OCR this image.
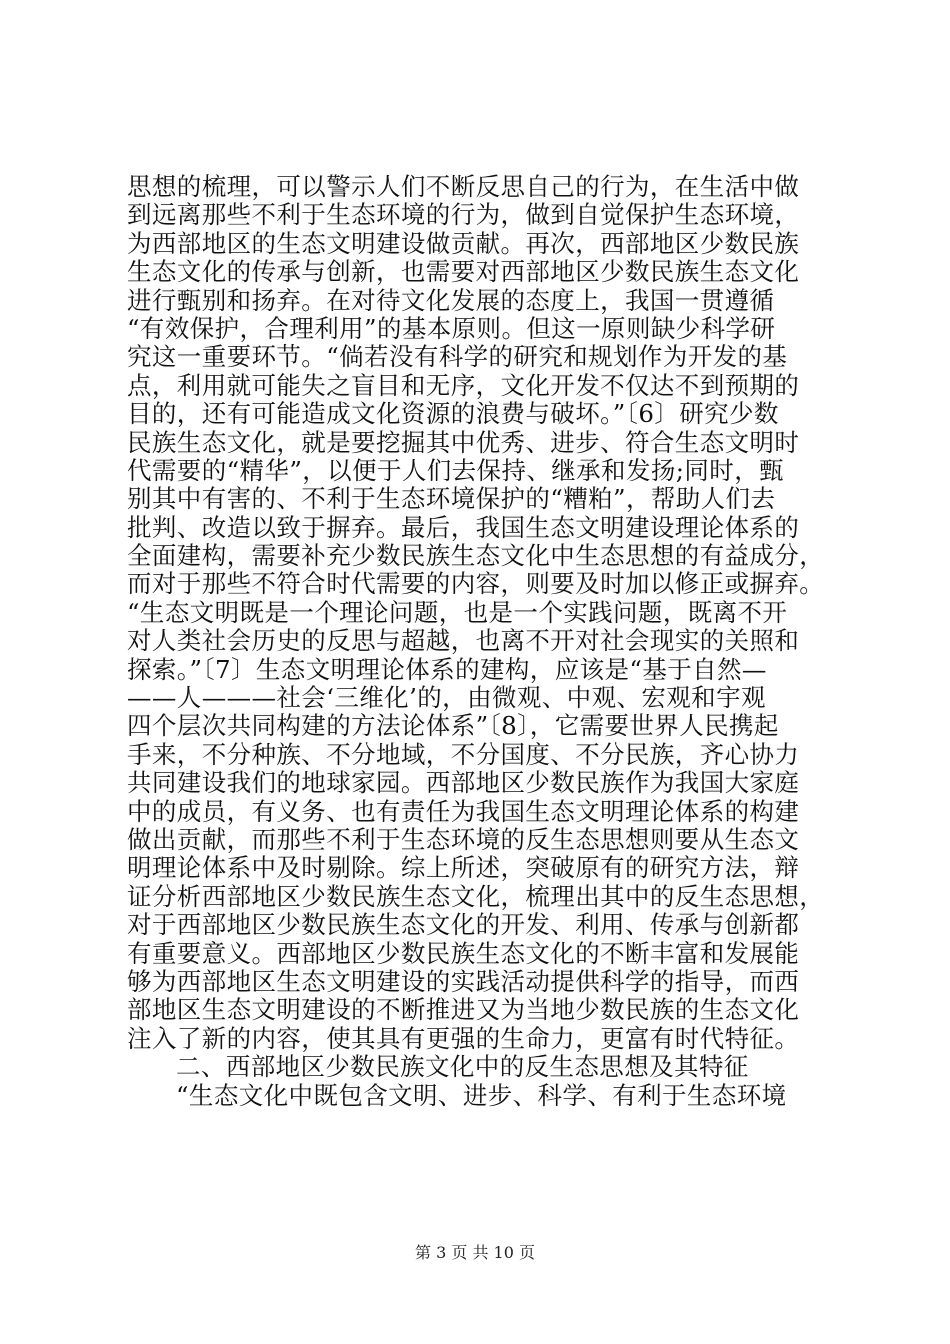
思想的梳理，可以警示人们不断反思自己的行为，在生活中做
到远离那些不利于生态环境的行为，做到自觉保护生态环境，
为西部地区的生态文明建设做贡献。再次，西部地区少数民族
生态文化的传承与创新，也需要对西部地区少数民族生态文化
进行甄别和扬弃。在对待文化发展的态度上，我国一贯遵循
“有效保护，合理利用”的基本原则。但这一原则缺少科学研
究这一重要环节。“倘若没有科学的研究和规划作为开发的基
点，利用就可能失之盲目和无序，文化开发不仅达不到预期的
目的，还有可能造成文化资源的浪费与破坏。”〔6〕研究少数
民族生态文化，就是要挖掘其中优秀、进步、符合生态文明时
代需要的“精华”，以便于人们去保持、继承和发扬;同时，甄
别其中有害的、不利于生态环境保护的“糟粕”，帮助人们去
批判、改造以致于摒弃。最后，我国生态文明建设理论体系的
全面建构，需要补充少数民族生态文化中生态思想的有益成分，
而对于那些不符合时代需要的内容，则要及时加以修正或摒弃。
“生态文明既是一个理论问题，也是一个实践问题，既离不开
对人类社会历史的反思与超越，也离不开对社会现实的关照和
探索。”〔7〕生态文明理论体系的建构，应该是“基于自然—
——人———社会‘三维化’的，由微观、中观、宏观和宇观
四个层次共同构建的方法论体系”〔8〕，它需要世界人民携起
手来，不分种族、不分地域，不分国度、不分民族，齐心协力
共同建设我们的地球家园。西部地区少数民族作为我国大家庭
中的成员，有义务、也有责任为我国生态文明理论体系的构建
做出贡献，而那些不利于生态环境的反生态思想则要从生态文
明理论体系中及时剔除。综上所述，突破原有的研究方法，辩
证分析西部地区少数民族生态文化，梳理出其中的反生态思想，
对于西部地区少数民族生态文化的开发、利用、传承与创新都
有重要意义。西部地区少数民族生态文化的不断丰富和发展能
够为西部地区生态文明建设的实践活动提供科学的指导，而西
部地区生态文明建设的不断推进又为当地少数民族的生态文化
注入了新的内容，使其具有更强的生命力，更富有时代特征。
二、西部地区少数民族文化中的反生态思想及其特征
“生态文化中既包含文明、进步、科学、有利于生态环境
第 3 页 共 10 页
